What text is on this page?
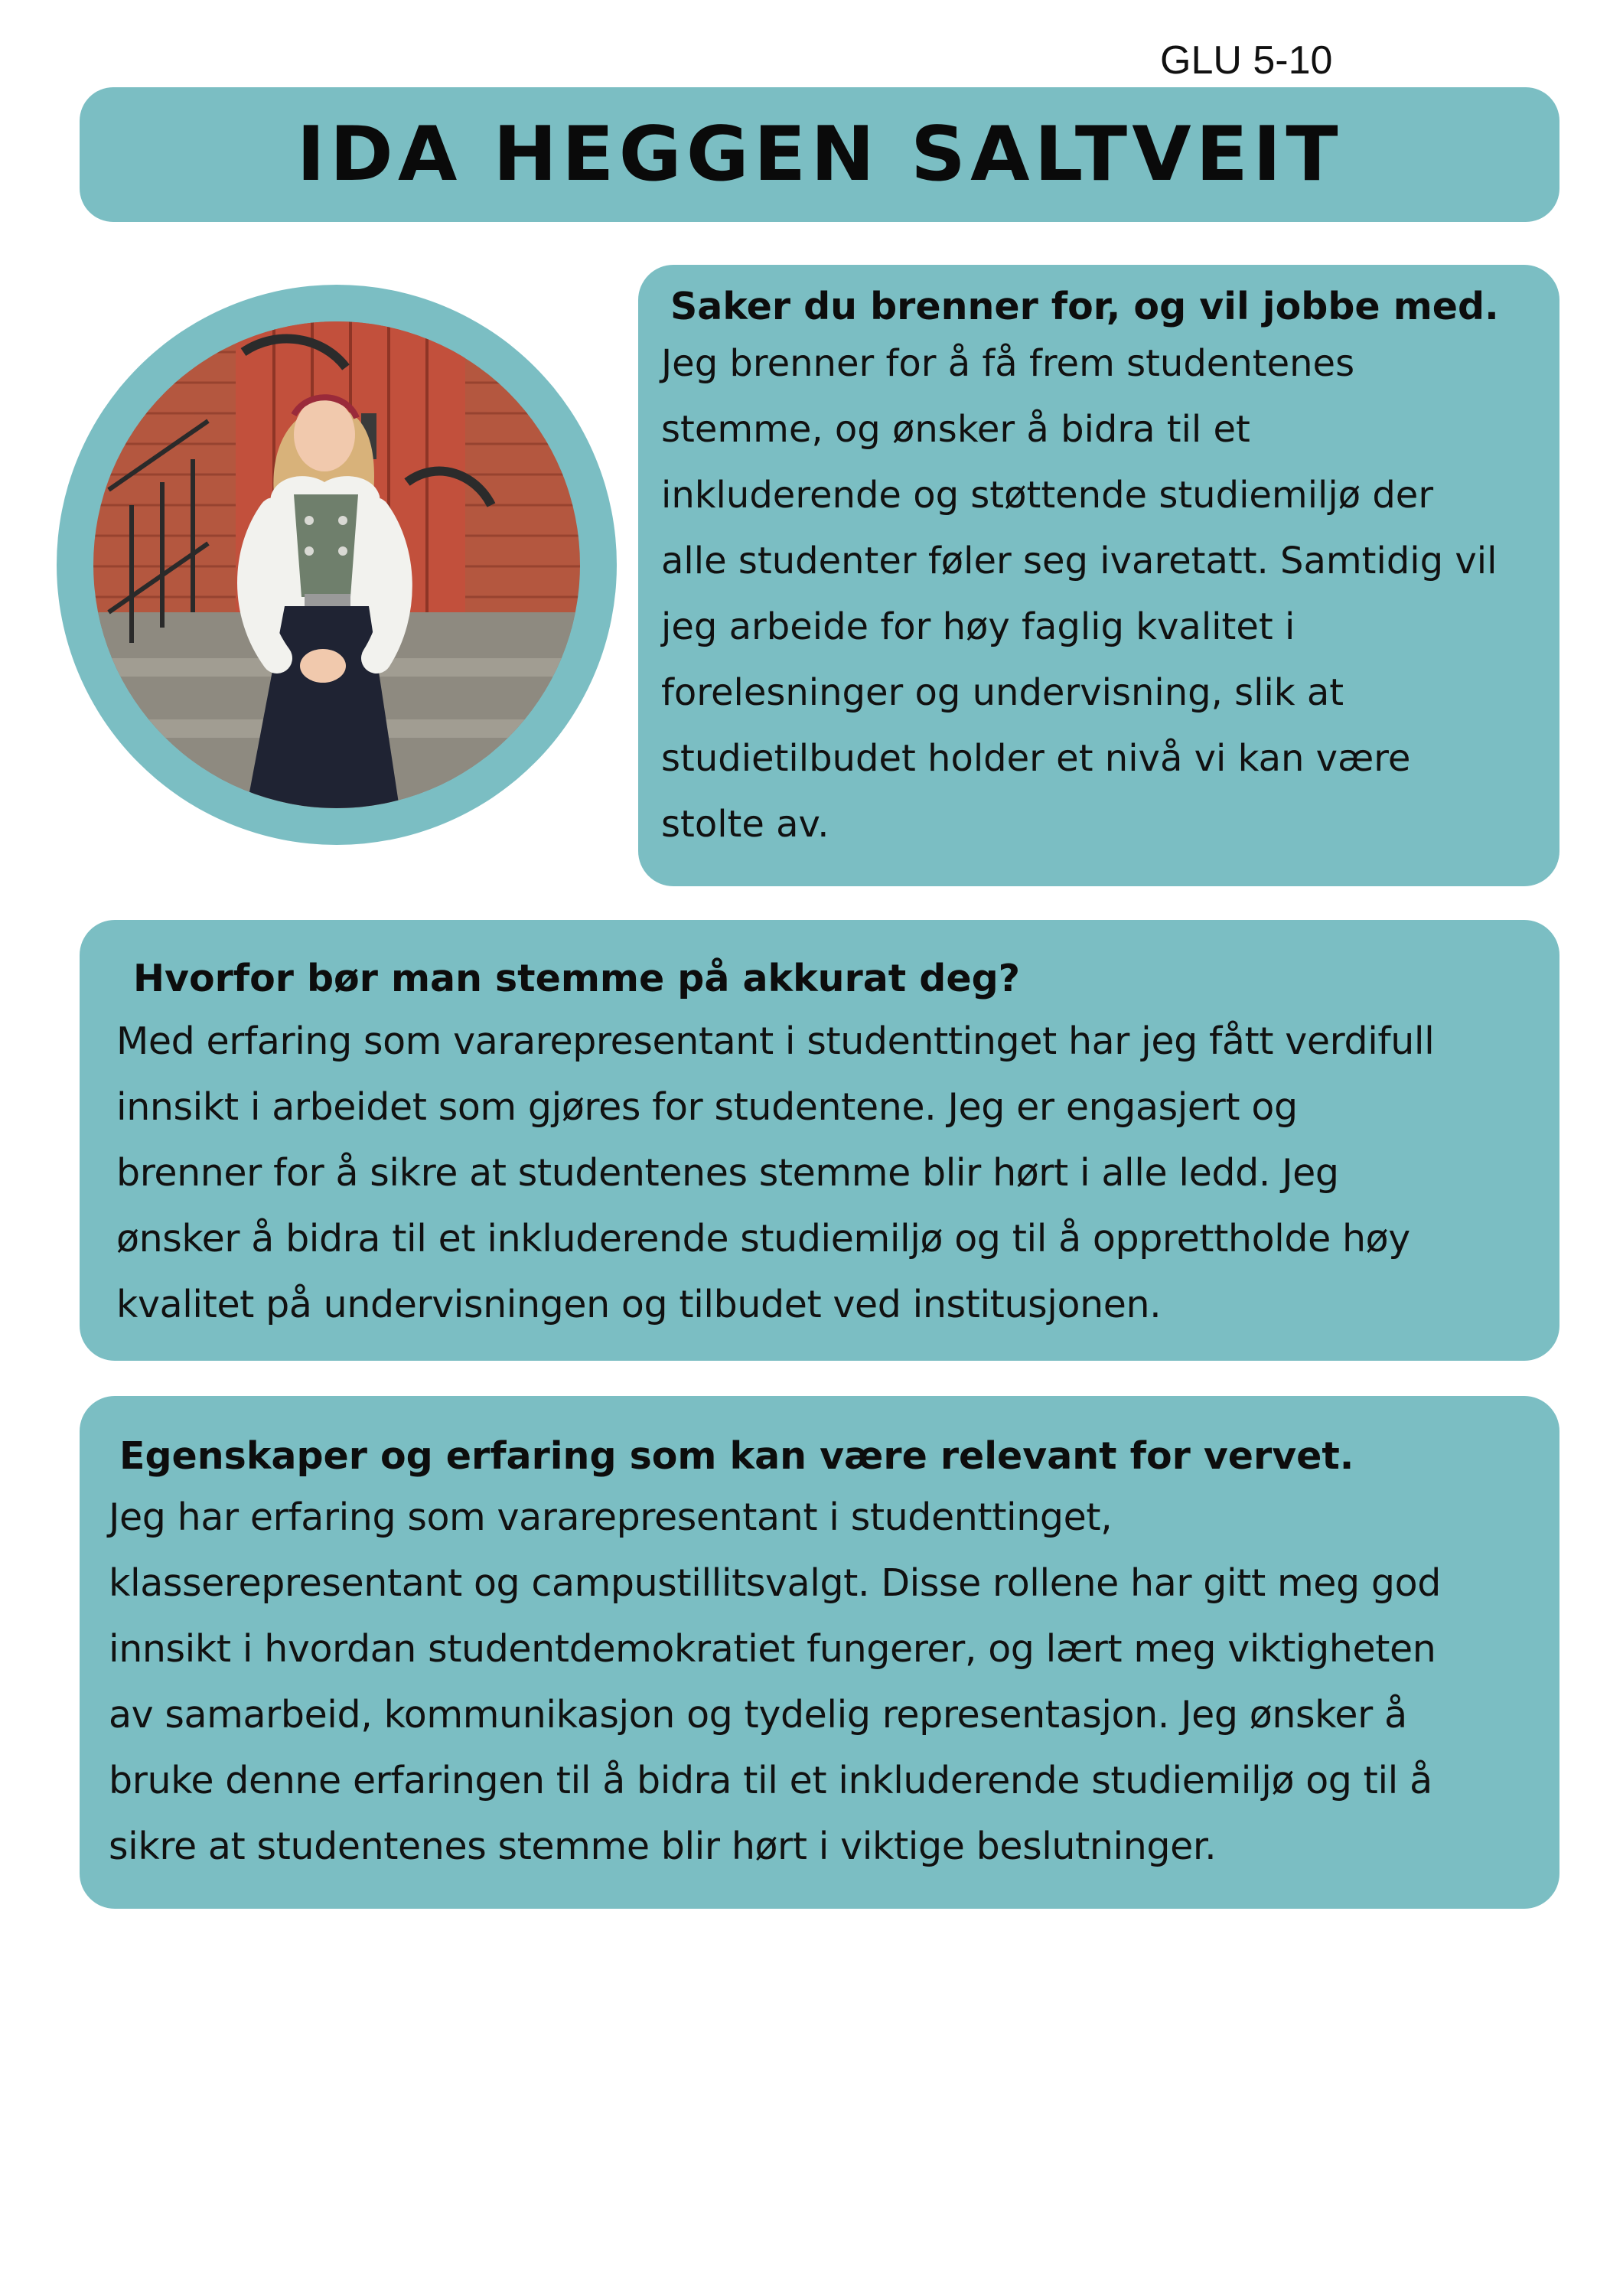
GLU 5-10
IDA HEGGEN SALTVEIT
Saker du brenner for, og vil jobbe med.

Jeg brenner for å få frem studentenes
stemme, og ønsker å bidra til et
inkluderende og støttende studiemiljø der
alle studenter føler seg ivaretatt. Samtidig vil
jeg arbeide for høy faglig kvalitet i
forelesninger og undervisning, slik at
studietilbudet holder et nivå vi kan være
stolte av.

Hvorfor bør man stemme på akkurat deg?

Med erfaring som vararepresentant i studenttinget har jeg fått verdifull
innsikt i arbeidet som gjøres for studentene. Jeg er engasjert og
brenner for å sikre at studentenes stemme blir hørt i alle ledd. Jeg
ønsker å bidra til et inkluderende studiemiljø og til å opprettholde høy
kvalitet på undervisningen og tilbudet ved institusjonen.

Egenskaper og erfaring som kan være relevant for vervet.

Jeg har erfaring som vararepresentant i studenttinget,
klasserepresentant og campustillitsvalgt. Disse rollene har gitt meg god
innsikt i hvordan studentdemokratiet fungerer, og lært meg viktigheten
av samarbeid, kommunikasjon og tydelig representasjon. Jeg ønsker å
bruke denne erfaringen til å bidra til et inkluderende studiemiljø og til å
sikre at studentenes stemme blir hørt i viktige beslutninger.
